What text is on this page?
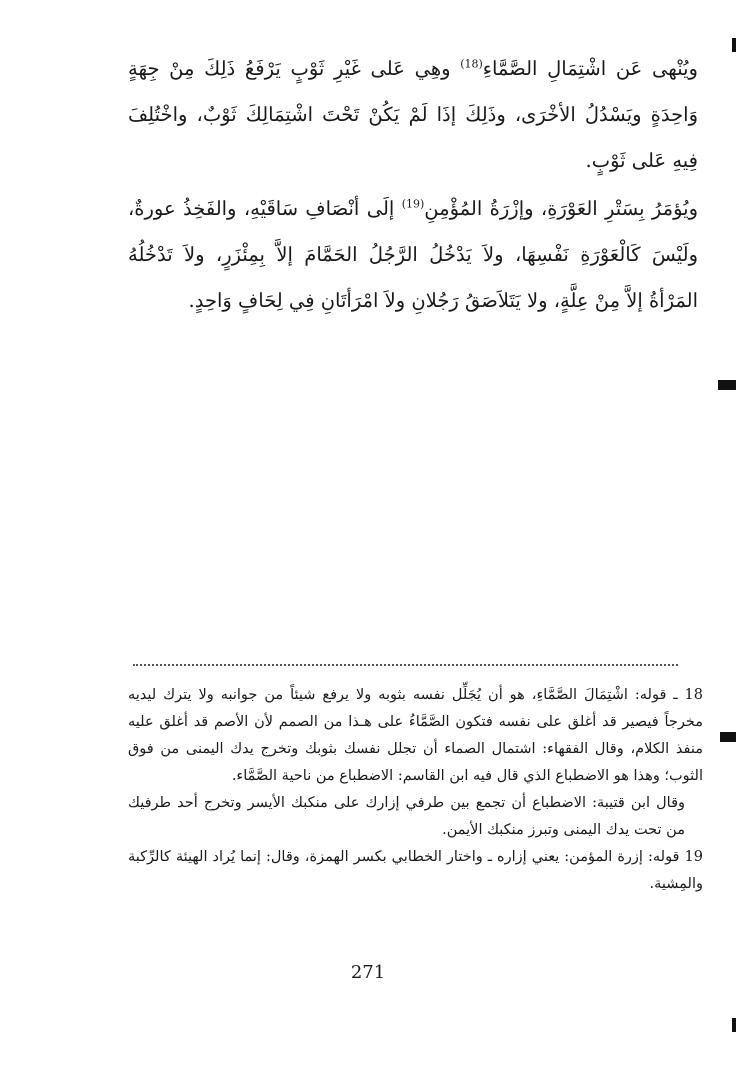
ويُنْهى عَن اشْتِمَالِ الصَّمَّاءِ$^{(18)}$ وهِي عَلى غَيْرِ ثَوْبٍ يَرْفَعُ ذَلِكَ مِنْ جِهَةٍ وَاحِدَةٍ ويَسْدُلُ الأخْرَى، وذَلِكَ إذَا لَمْ يَكُنْ تَحْتَ اشْتِمَالِكَ ثَوْبٌ، واخْتُلِفَ فِيهِ عَلى ثَوْبٍ.

ويُؤمَرُ بِسَتْرِ العَوْرَةِ، وإزْرَةُ المُؤْمِنِ$^{(19)}$ إلَى أنْصَافِ سَاقَيْهِ، والفَخِذُ عورةٌ، ولَيْسَ كَالْعَوْرَةِ نَفْسِهَا، ولاَ يَدْخُلُ الرَّجُلُ الحَمَّامَ إلاَّ بِمِئْزَرٍ، ولاَ تَدْخُلُهُ المَرْأةُ إلاَّ مِنْ عِلَّةٍ، ولا يَتَلاَصَقُ رَجُلانِ ولاَ امْرَأتَانِ فِي لِحَافٍ وَاحِدٍ.

18 ـ قوله: اشْتِمَالَ الصَّمَّاءِ، هو أن يُجَلِّل نفسه بثوبه ولا يرفع شيئاً من جوانبه ولا يترك ليديه مخرجاً فيصير قد أغلق على نفسه فتكون الصَّمَّاءُ على هـذا من الصمم لأن الأصم قد أغلق عليه منفذ الكلام، وقال الفقهاء: اشتمال الصماء أن تجلل نفسك بثوبك وتخرج يدك اليمنى من فوق الثوب؛ وهذا هو الاضطباع الذي قال فيه ابن القاسم: الاضطباع من ناحية الصَّمَّاء.

وقال ابن قتيبة: الاضطباع أن تجمع بين طرفي إزارك على منكبك الأيسر وتخرج أحد طرفيك من تحت يدك اليمنى وتبرز منكبك الأيمن.

19 قوله: إزرة المؤمن: يعني إزاره ـ واختار الخطابي بكسر الهمزة، وقال: إنما يُراد الهيئة كالرِّكبة والمِشية.

271
